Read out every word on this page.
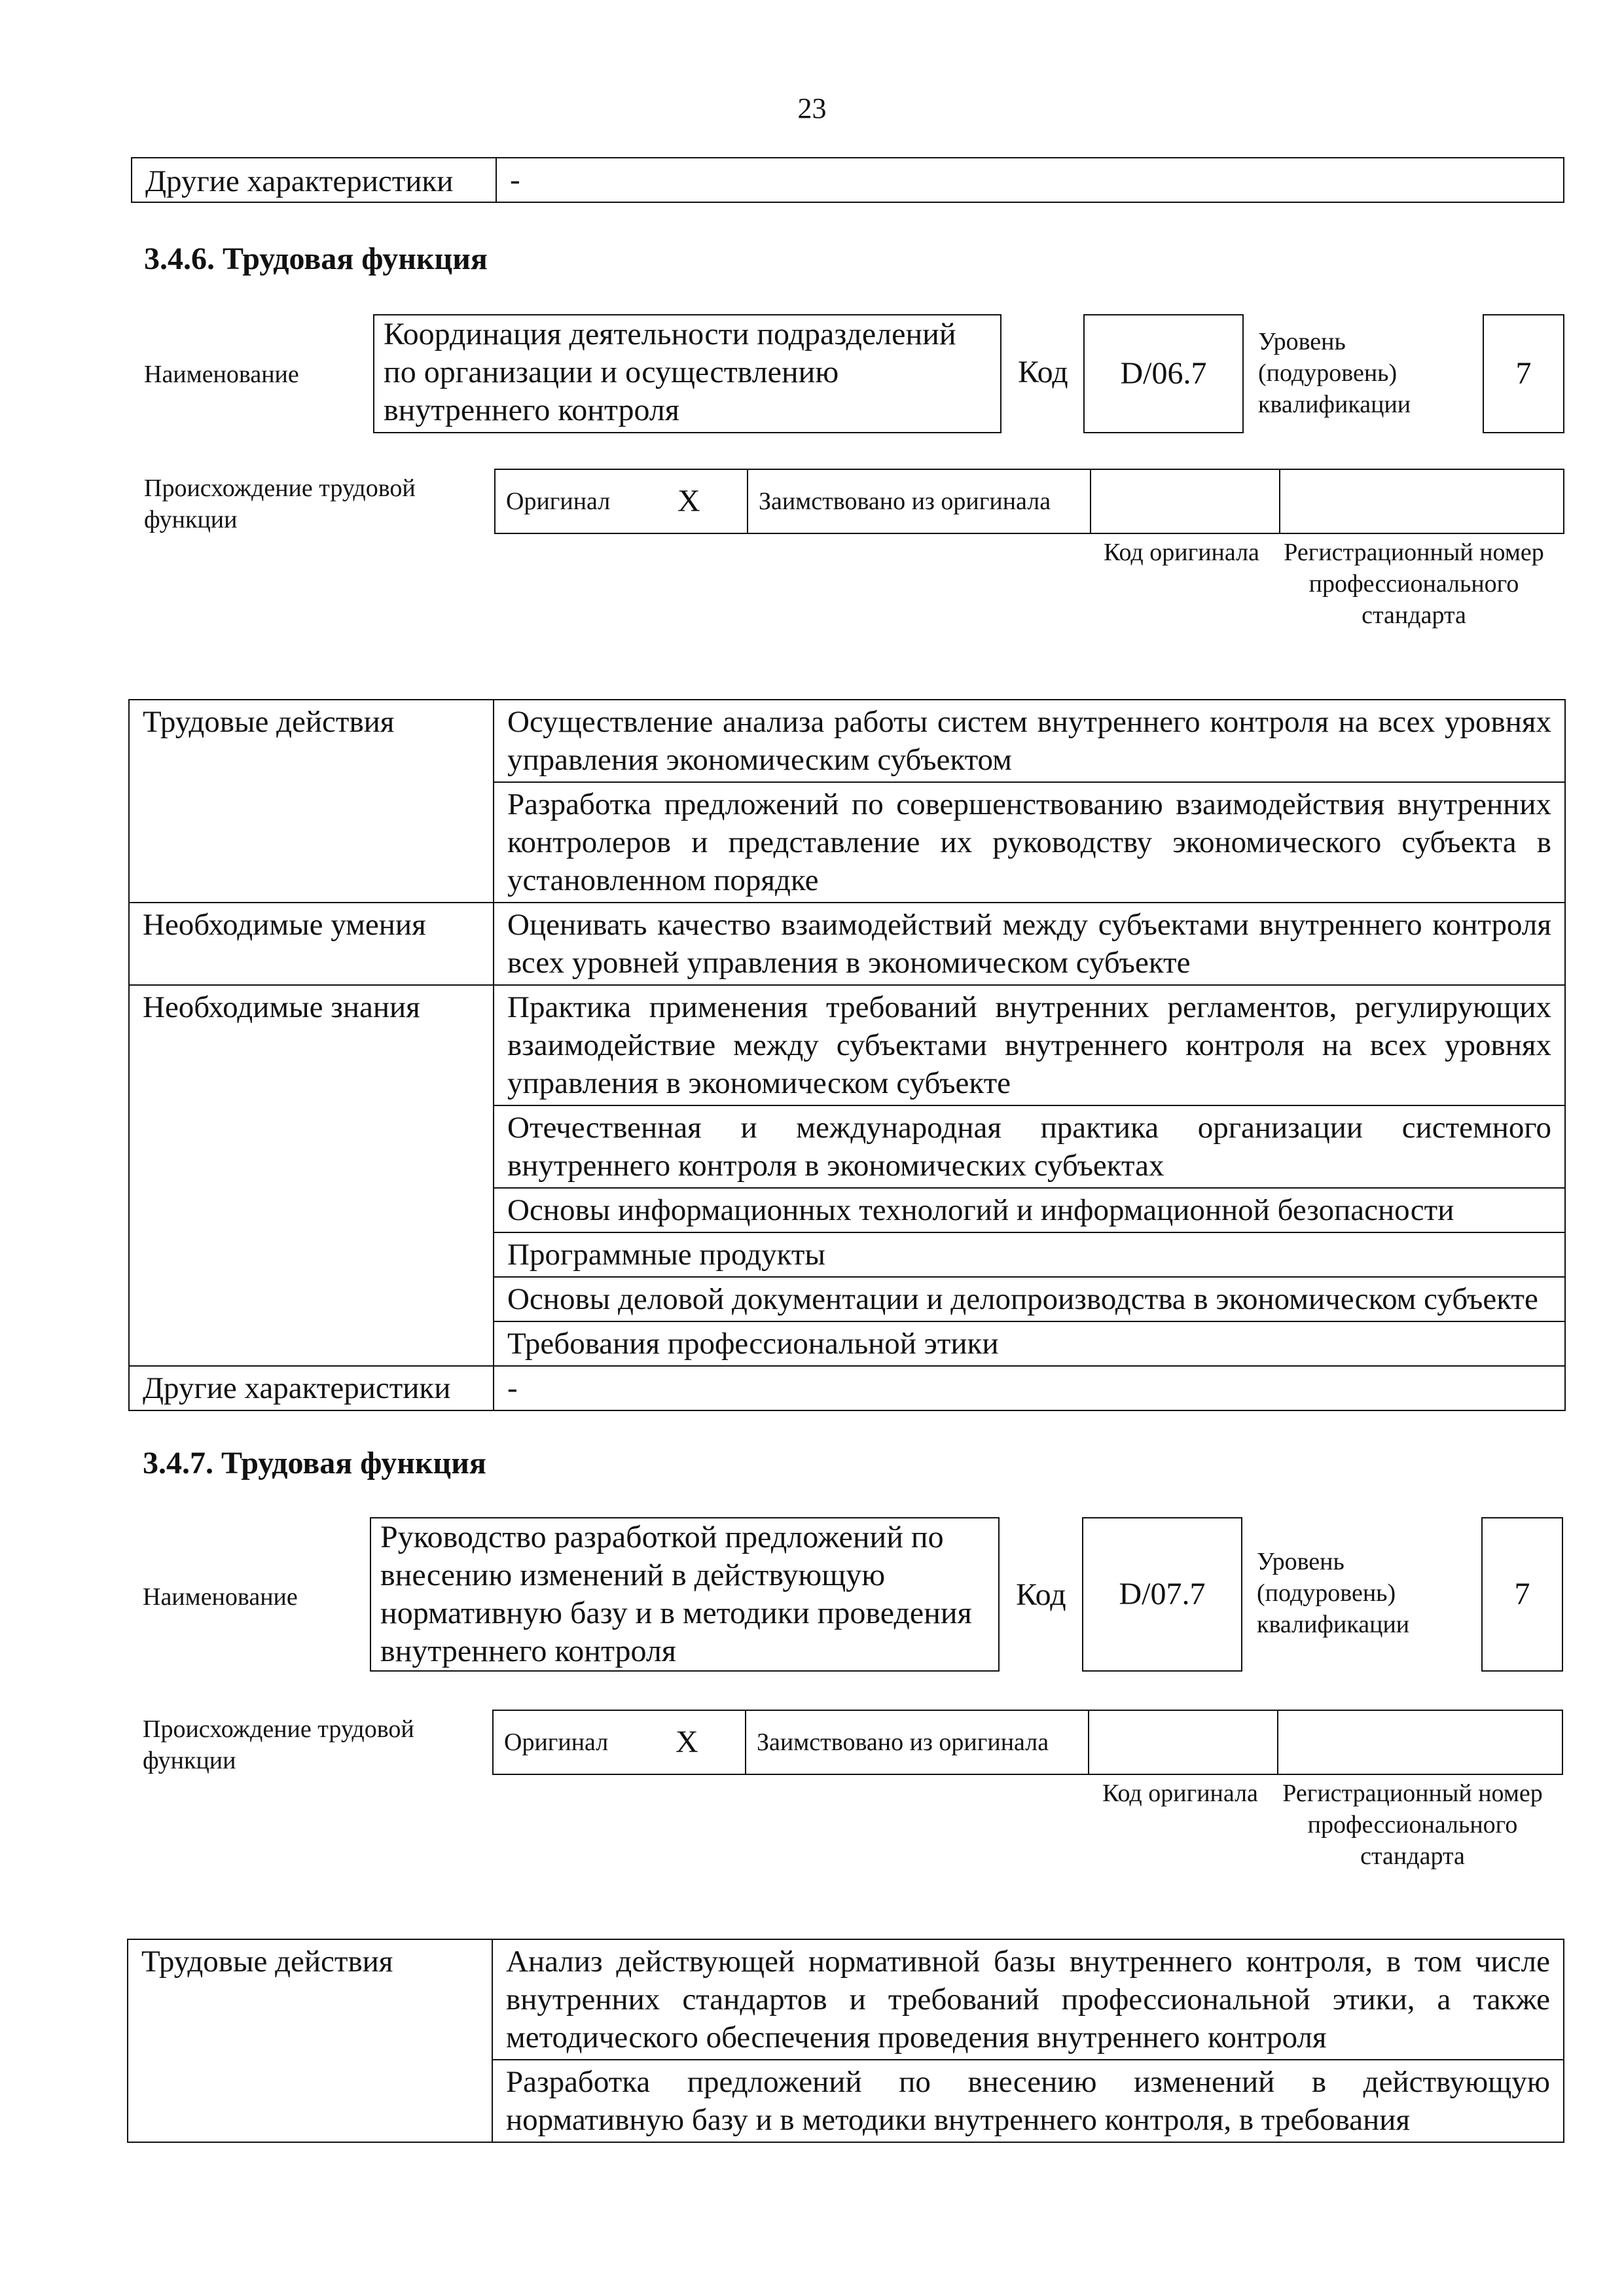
23
Другие характеристики	-
3.4.6. Трудовая функция
Наименование
Координация деятельности подразделений по организации и осуществлению внутреннего контроля
Код D/06.7
Уровень (подуровень) квалификации
7
Происхождение трудовой функции
Оригинал	X	Заимствовано из оригинала		
Код оригинала Регистрационный номер профессионального стандарта
Трудовые действия	Осуществление анализа работы систем внутреннего контроля на всех уровнях управления экономическим субъектом
	Разработка предложений по совершенствованию взаимодействия внутренних контролеров и представление их руководству экономического субъекта в установленном порядке
Необходимые умения	Оценивать качество взаимодействий между субъектами внутреннего контроля всех уровней управления в экономическом субъекте
Необходимые знания	Практика применения требований внутренних регламентов, регулирующих взаимодействие между субъектами внутреннего контроля на всех уровнях управления в экономическом субъекте
	Отечественная и международная практика организации системного внутреннего контроля в экономических субъектах
	Основы информационных технологий и информационной безопасности
	Программные продукты
	Основы деловой документации и делопроизводства в экономическом субъекте
	Требования профессиональной этики
Другие характеристики	-
3.4.7. Трудовая функция
Наименование
Руководство разработкой предложений по внесению изменений в действующую нормативную базу и в методики проведения внутреннего контроля
Код D/07.7
Уровень (подуровень) квалификации
7
Происхождение трудовой функции
Оригинал	X	Заимствовано из оригинала		
Код оригинала Регистрационный номер профессионального стандарта
Трудовые действия	Анализ действующей нормативной базы внутреннего контроля, в том числе внутренних стандартов и требований профессиональной этики, а также методического обеспечения проведения внутреннего контроля
Разработка предложений по внесению изменений в действующую нормативную базу и в методики внутреннего контроля, в требования
